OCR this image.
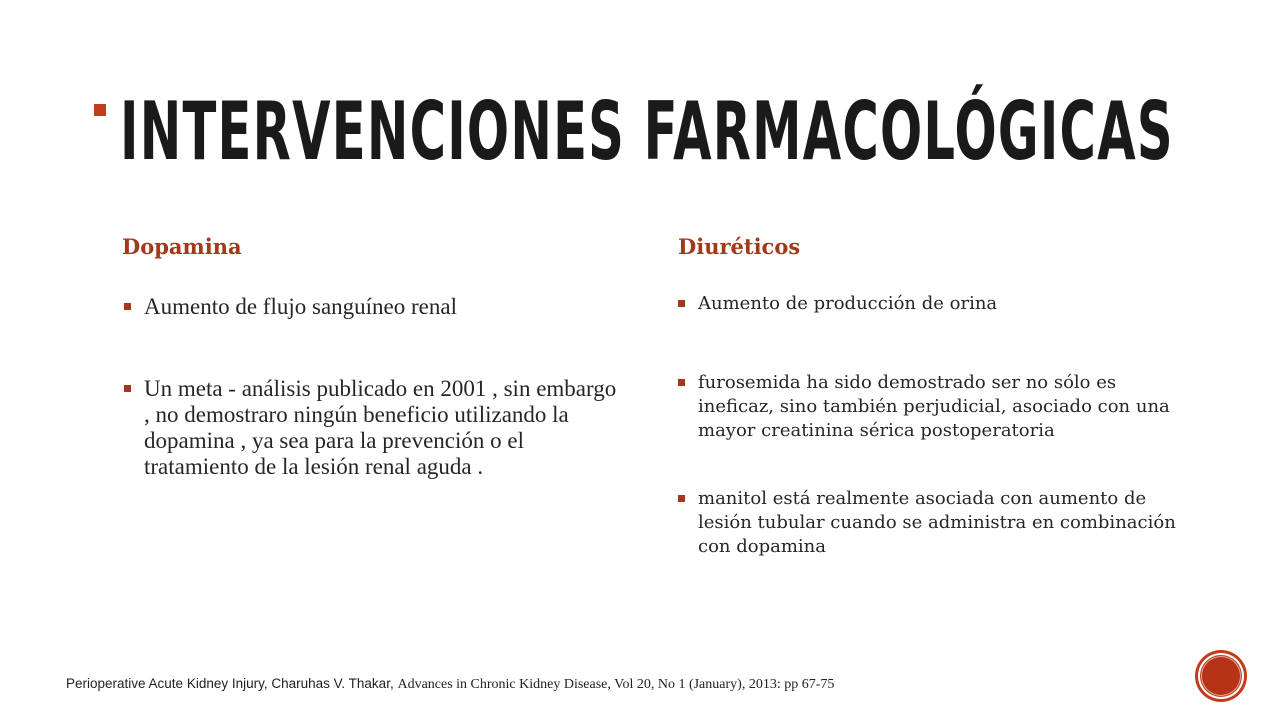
INTERVENCIONES FARMACOLÓGICAS
Dopamina	Diuréticos
Aumento de flujo sanguíneo renal
Un meta - análisis publicado en 2001 , sin embargo , no demostraro ningún beneficio utilizando la dopamina , ya sea para la prevención o el tratamiento de la lesión renal aguda .
Aumento de producción de orina
furosemida ha sido demostrado ser no sólo es ineficaz, sino también perjudicial, asociado con una mayor creatinina sérica postoperatoria
manitol está realmente asociada con aumento de lesión tubular cuando se administra en combinación con dopamina
Perioperative Acute Kidney Injury, Charuhas V. Thakar, Advances in Chronic Kidney Disease, Vol 20, No 1 (January), 2013: pp 67-75
